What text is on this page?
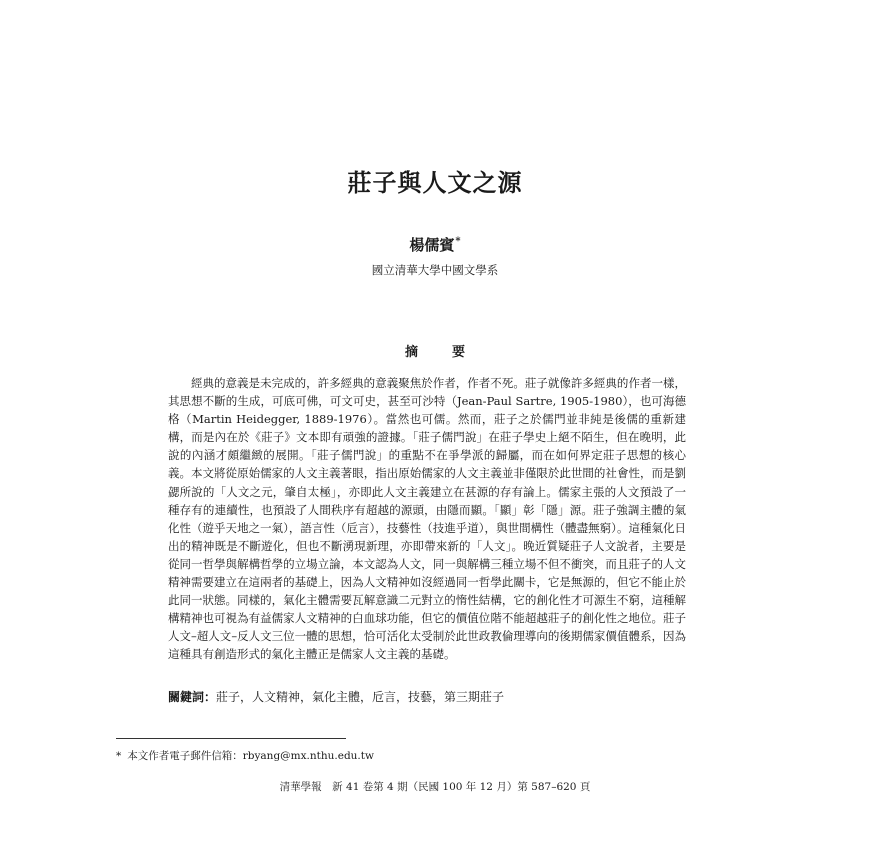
莊子與人文之源
楊儒賓*
國立清華大學中國文學系
摘	要

經典的意義是未完成的，許多經典的意義聚焦於作者，作者不死。莊子就像許多經典的作者一樣，其思想不斷的生成，可底可佛，可文可史，甚至可沙特（Jean-Paul Sartre, 1905-1980），也可海德格（Martin Heidegger, 1889-1976）。當然也可儒。然而，莊子之於儒門並非純是後儒的重新建構，而是內在於《莊子》文本即有頑強的證據。「莊子儒門說」在莊子學史上絕不陌生，但在晚明，此說的內涵才頗繼緻的展開。「莊子儒門說」的重點不在爭學派的歸屬，而在如何界定莊子思想的核心義。本文將從原始儒家的人文主義著眼，指出原始儒家的人文主義並非僅限於此世間的社會性，而是劉勰所說的「人文之元，肇自太極」，亦即此人文主義建立在甚源的存有論上。儒家主張的人文預設了一種存有的連續性，也預設了人間秩序有超越的源頭，由隱而顯。「顯」彰「隱」源。莊子強調主體的氣化性（遊乎天地之一氣），語言性（卮言），技藝性（技進乎道），與世間構性（體盡無窮）。這種氣化日出的精神既是不斷遊化，但也不斷湧現新理，亦即帶來新的「人文」。晚近質疑莊子人文說者，主要是從同一哲學與解構哲學的立場立論，本文認為人文，同一與解構三種立場不但不衝突，而且莊子的人文精神需要建立在這兩者的基礎上，因為人文精神如沒經過同一哲學此關卡，它是無源的，但它不能止於此同一狀態。同樣的，氣化主體需要瓦解意識二元對立的惰性結構，它的創化性才可源生不窮，這種解構精神也可視為有益儒家人文精神的白血球功能，但它的價值位階不能超越莊子的創化性之地位。莊子人文–超人文–反人文三位一體的思想，恰可活化太受制於此世政教倫理導向的後期儒家價值體系，因為這種具有創造形式的氣化主體正是儒家人文主義的基礎。

關鍵詞：莊子，人文精神，氣化主體，卮言，技藝，第三期莊子
* 本文作者電子郵件信箱：rbyang@mx.nthu.edu.tw
清華學報　新 41 卷第 4 期（民國 100 年 12 月）第 587–620 頁
